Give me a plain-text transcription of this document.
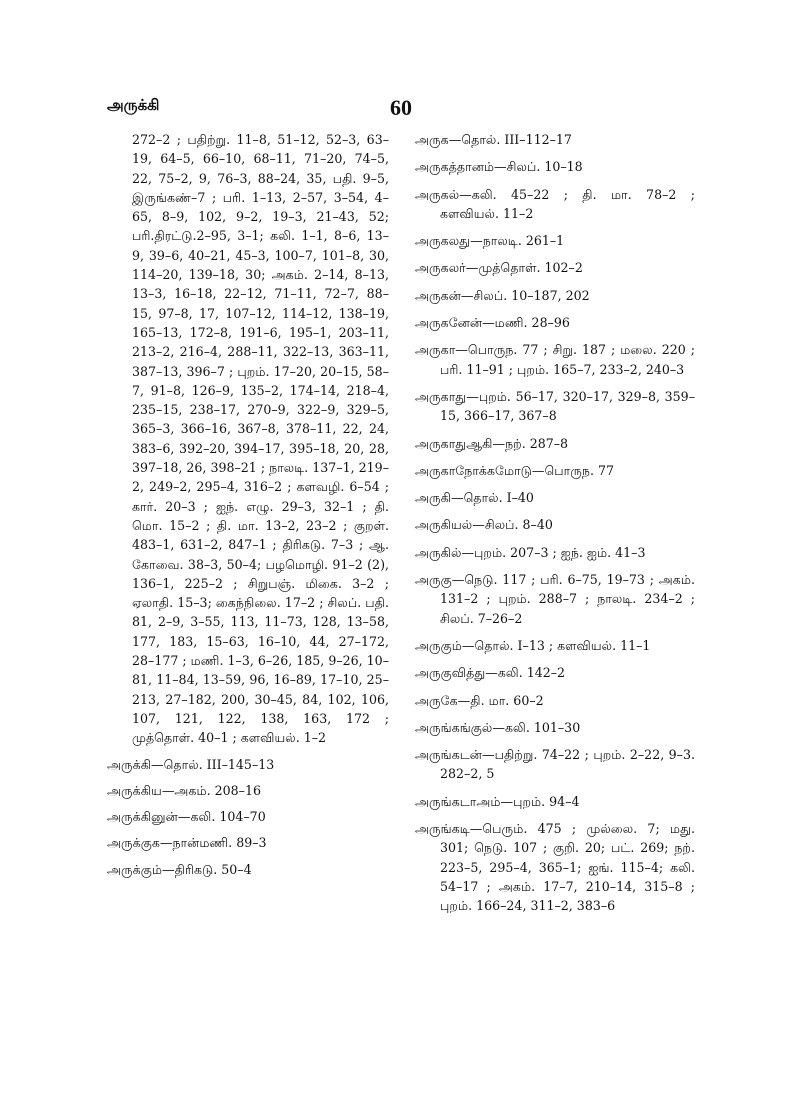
அருக்கி	60

272–2 ; பதிற்று. 11–8, 51–12, 52–3, 63–19, 64–5, 66–10, 68–11, 71–20, 74–5, 22, 75–2, 9, 76–3, 88–24, 35, பதி. 9–5, இருங்கண்–7 ; பரி. 1–13, 2–57, 3–54, 4–65, 8–9, 102, 9–2, 19–3, 21–43, 52; பரி.திரட்டு.2–95, 3–1; கலி. 1–1, 8–6, 13–9, 39–6, 40–21, 45–3, 100–7, 101–8, 30, 114–20, 139–18, 30; அகம். 2–14, 8–13, 13–3, 16–18, 22–12, 71–11, 72–7, 88–15, 97–8, 17, 107–12, 114–12, 138–19, 165–13, 172–8, 191–6, 195–1, 203–11, 213–2, 216–4, 288–11, 322–13, 363–11, 387–13, 396–7 ; புறம். 17–20, 20–15, 58–7, 91–8, 126–9, 135–2, 174–14, 218–4, 235–15, 238–17, 270–9, 322–9, 329–5, 365–3, 366–16, 367–8, 378–11, 22, 24, 383–6, 392–20, 394–17, 395–18, 20, 28, 397–18, 26, 398–21 ; நாலடி. 137–1, 219–2, 249–2, 295–4, 316–2 ; களவழி. 6–54 ; கார். 20–3 ; ஐந். எழு. 29–3, 32–1 ; தி. மொ. 15–2 ; தி. மா. 13–2, 23–2 ; குறள். 483–1, 631–2, 847–1 ; திரிகடு. 7–3 ; ஆ. கோவை. 38–3, 50–4; பழமொழி. 91–2 (2), 136–1, 225–2 ; சிறுபஞ். மிகை. 3–2 ; ஏலாதி. 15–3; கைந்நிலை. 17–2 ; சிலப். பதி. 81, 2–9, 3–55, 113, 11–73, 128, 13–58, 177, 183, 15–63, 16–10, 44, 27–172, 28–177 ; மணி. 1–3, 6–26, 185, 9–26, 10–81, 11–84, 13–59, 96, 16–89, 17–10, 25–213, 27–182, 200, 30–45, 84, 102, 106, 107, 121, 122, 138, 163, 172 ; முத்தொள். 40–1 ; களவியல். 1–2

அருக்கி—தொல். III–145–13

அருக்கிய—அகம். 208–16

அருக்கினுன்—கலி. 104–70

அருக்குக—நான்மணி. 89–3

அருக்கும்—திரிகடு. 50–4

அருக—தொல். III–112–17

அருகத்தானம்—சிலப். 10–18

அருகல்—கலி. 45–22 ; தி. மா. 78–2 ; களவியல். 11–2

அருகலது—நாலடி. 261–1

அருகலர்—முத்தொள். 102–2

அருகன்—சிலப். 10–187, 202

அருகனேன்—மணி. 28–96

அருகா—பொருந. 77 ; சிறு. 187 ; மலை. 220 ; பரி. 11–91 ; புறம். 165–7, 233–2, 240–3

அருகாது—புறம். 56–17, 320–17, 329–8, 359–15, 366–17, 367–8

அருகாதுஆகி—நற். 287–8

அருகாநோக்கமோடு—பொருந. 77

அருகி—தொல். I–40

அருகியல்—சிலப். 8–40

அருகில்—புறம். 207–3 ; ஐந். ஐம். 41–3

அருகு—நெடு. 117 ; பரி. 6–75, 19–73 ; அகம். 131–2 ; புறம். 288–7 ; நாலடி. 234–2 ; சிலப். 7–26–2

அருகும்—தொல். I–13 ; களவியல். 11–1

அருகுவித்து—கலி. 142–2

அருகே—தி. மா. 60–2

அருங்கங்குல்—கலி. 101–30

அருங்கடன்—பதிற்று. 74–22 ; புறம். 2–22, 9–3. 282–2, 5

அருங்கடாஅம்—புறம். 94–4

அருங்கடி—பெரும். 475 ; முல்லை. 7; மது. 301; நெடு. 107 ; குறி. 20; பட். 269; நற். 223–5, 295–4, 365–1; ஐங். 115–4; கலி. 54–17 ; அகம். 17–7, 210–14, 315–8 ; புறம். 166–24, 311–2, 383–6
